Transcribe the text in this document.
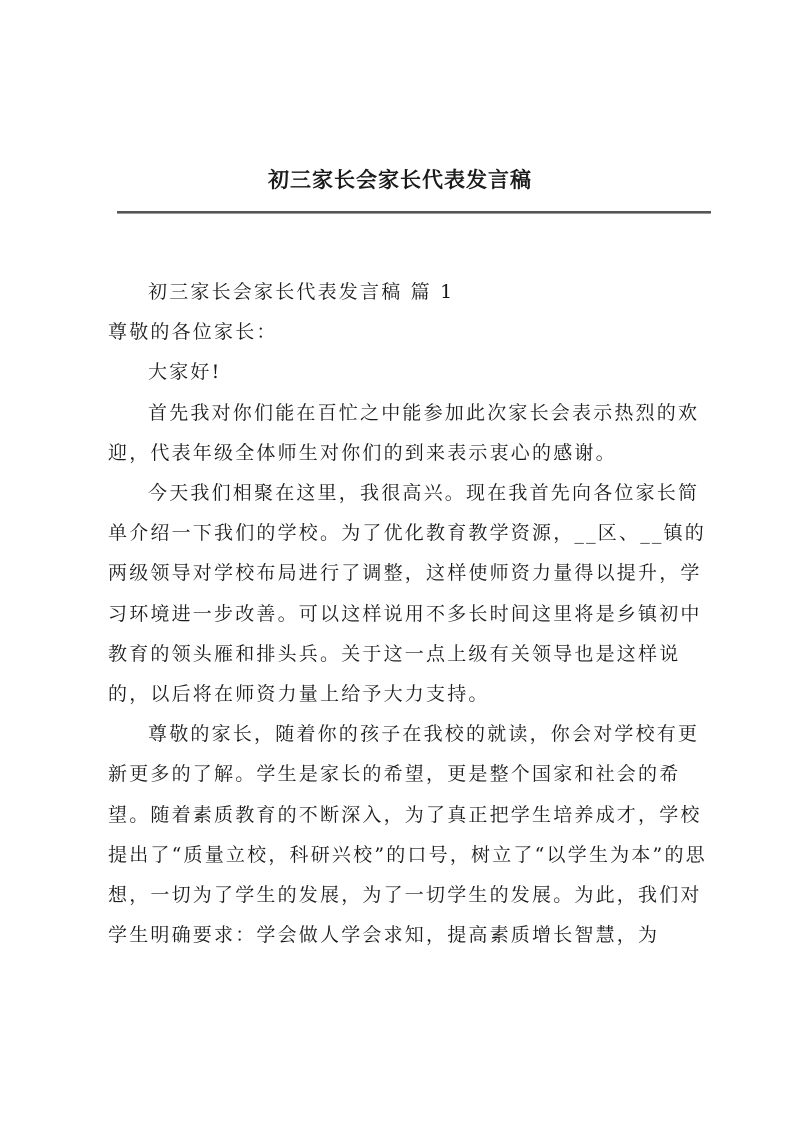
初三家长会家长代表发言稿

初三家长会家长代表发言稿 篇 1

尊敬的各位家长：

大家好!

首先我对你们能在百忙之中能参加此次家长会表示热烈的欢迎，代表年级全体师生对你们的到来表示衷心的感谢。

今天我们相聚在这里，我很高兴。现在我首先向各位家长简单介绍一下我们的学校。为了优化教育教学资源，__区、__镇的两级领导对学校布局进行了调整，这样使师资力量得以提升，学习环境进一步改善。可以这样说用不多长时间这里将是乡镇初中教育的领头雁和排头兵。关于这一点上级有关领导也是这样说的，以后将在师资力量上给予大力支持。

尊敬的家长，随着你的孩子在我校的就读，你会对学校有更新更多的了解。学生是家长的希望，更是整个国家和社会的希望。随着素质教育的不断深入，为了真正把学生培养成才，学校提出了“质量立校，科研兴校”的口号，树立了“以学生为本”的思想，一切为了学生的发展，为了一切学生的发展。为此，我们对学生明确要求：学会做人学会求知，提高素质增长智慧，为
